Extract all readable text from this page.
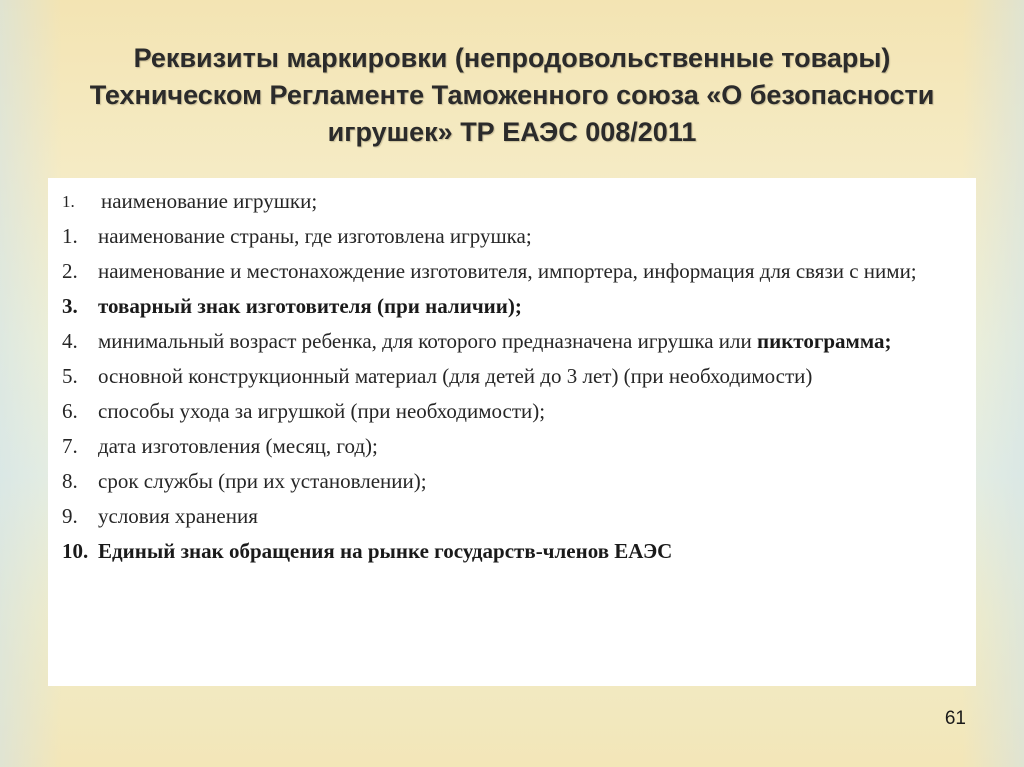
Реквизиты маркировки (непродовольственные товары)
Техническом Регламенте Таможенного союза «О безопасности
игрушек» ТР ЕАЭС 008/2011
1.	наименование игрушки;
1. наименование страны, где изготовлена игрушка;
2. наименование и местонахождение изготовителя, импортера, информация для связи с ними;
3. товарный знак изготовителя (при наличии);
4. минимальный возраст ребенка, для которого предназначена игрушка или пиктограмма;
5. основной конструкционный материал (для детей до 3 лет) (при необходимости)
6. способы ухода за игрушкой (при необходимости);
7. дата изготовления (месяц, год);
8. срок службы (при их установлении);
9. условия хранения
10. Единый знак обращения на рынке государств-членов ЕАЭС
61
